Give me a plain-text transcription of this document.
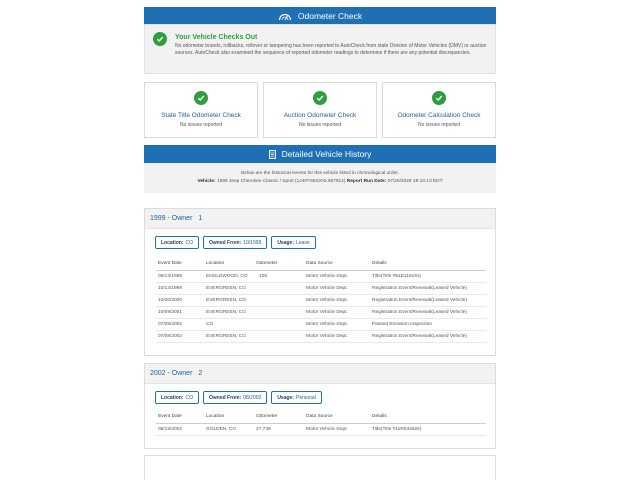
Odometer Check
Your Vehicle Checks Out
No odometer brands, rollbacks, rollover or tampering has been reported to AutoCheck from state Division of Motor Vehicles (DMV) or auction sources. AutoCheck also examined the sequence of reported odometer readings to determine if there are any potential discrepancies.
State Title Odometer Check
No issues reported
Auction Odometer Check
No issues reported
Odometer Calculation Check
No issues reported
Detailed Vehicle History
Below are the historical events for this vehicle listed in chronological order.
Vehicle: 1999 Jeep Cherokee Classic / Sport (1J4FF68SXXL657912) Report Run Date: 07/20/2026 18:10:13 EDT
1999 - Owner 1
Location: CO	Owned From: 10/1999	Usage: Lease
Event Date	Location	Odometer	Data Source	Details
09/13/1999	ENGLEWOOD, CO	106	Motor Vehicle Dept.	Title(Title #51E116191)
10/13/1999	EVERGREEN, CO		Motor Vehicle Dept.	Registration Event/Renewal(Leased Vehicle)
10/20/2000	EVERGREEN, CO		Motor Vehicle Dept.	Registration Event/Renewal(Leased Vehicle)
10/09/2001	EVERGREEN, CO		Motor Vehicle Dept.	Registration Event/Renewal(Leased Vehicle)
07/05/2002	CO		Motor Vehicle Dept.	Passed Emission Inspection
07/08/2002	EVERGREEN, CO		Motor Vehicle Dept.	Registration Event/Renewal(Leased Vehicle)
2002 - Owner 2
Location: CO	Owned From: 08/2002	Usage: Personal
Event Date	Location	Odometer	Data Source	Details
08/19/2002	GOLDEN, CO	27,738	Motor Vehicle Dept.	Title(Title #11R534626)
